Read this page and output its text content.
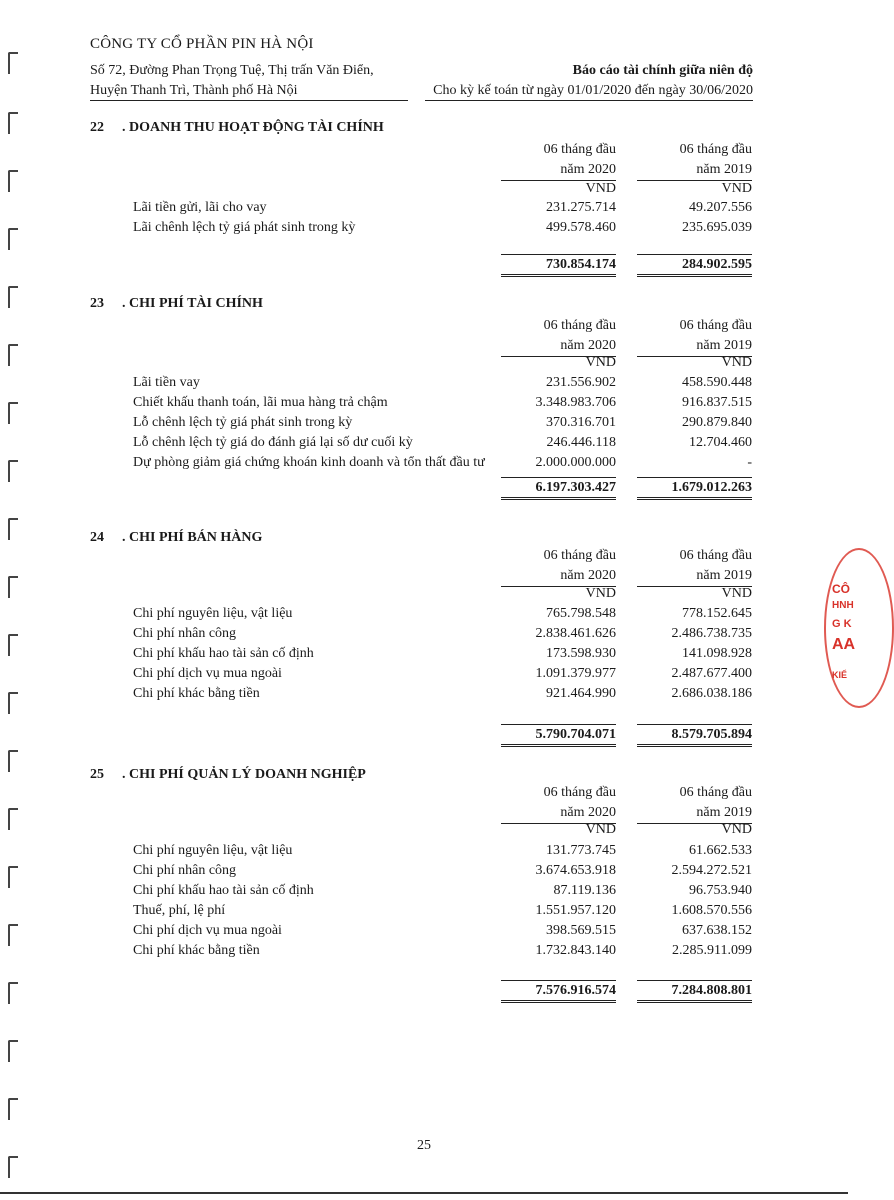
CÔNG TY CỔ PHẦN PIN HÀ NỘI
Số 72, Đường Phan Trọng Tuệ, Thị trấn Văn Điển,
Huyện Thanh Trì, Thành phố Hà Nội
Báo cáo tài chính giữa niên độ
Cho kỳ kế toán từ ngày 01/01/2020 đến ngày 30/06/2020
22 . DOANH THU HOẠT ĐỘNG TÀI CHÍNH
06 tháng đầu

năm 2020
06 tháng đầu

năm 2019
VND	VND
Lãi tiền gửi, lãi cho vay	231.275.714	49.207.556
Lãi chênh lệch tỷ giá phát sinh trong kỳ	499.578.460	235.695.039
730.854.174	284.902.595
23 . CHI PHÍ TÀI CHÍNH
06 tháng đầu

năm 2020
06 tháng đầu

năm 2019
VND	VND
Lãi tiền vay	231.556.902	458.590.448
Chiết khấu thanh toán, lãi mua hàng trả chậm	3.348.983.706	916.837.515
Lỗ chênh lệch tỷ giá phát sinh trong kỳ	370.316.701	290.879.840
Lỗ chênh lệch tỷ giá do đánh giá lại số dư cuối kỳ	246.446.118	12.704.460
Dự phòng giảm giá chứng khoán kinh doanh và tổn thất đầu tư	2.000.000.000	-
6.197.303.427	1.679.012.263
24 . CHI PHÍ BÁN HÀNG
06 tháng đầu

năm 2020
06 tháng đầu

năm 2019
VND	VND
Chi phí nguyên liệu, vật liệu	765.798.548	778.152.645
Chi phí nhân công	2.838.461.626	2.486.738.735
Chi phí khấu hao tài sản cố định	173.598.930	141.098.928
Chi phí dịch vụ mua ngoài	1.091.379.977	2.487.677.400
Chi phí khác bằng tiền	921.464.990	2.686.038.186
5.790.704.071	8.579.705.894
25 . CHI PHÍ QUẢN LÝ DOANH NGHIỆP
06 tháng đầu

năm 2020
06 tháng đầu

năm 2019
VND	VND
Chi phí nguyên liệu, vật liệu	131.773.745	61.662.533
Chi phí nhân công	3.674.653.918	2.594.272.521
Chi phí khấu hao tài sản cố định	87.119.136	96.753.940
Thuế, phí, lệ phí	1.551.957.120	1.608.570.556
Chi phí dịch vụ mua ngoài	398.569.515	637.638.152
Chi phí khác bằng tiền	1.732.843.140	2.285.911.099
7.576.916.574	7.284.808.801
CÔ
HNH
G K
AA
KIỂ
25
